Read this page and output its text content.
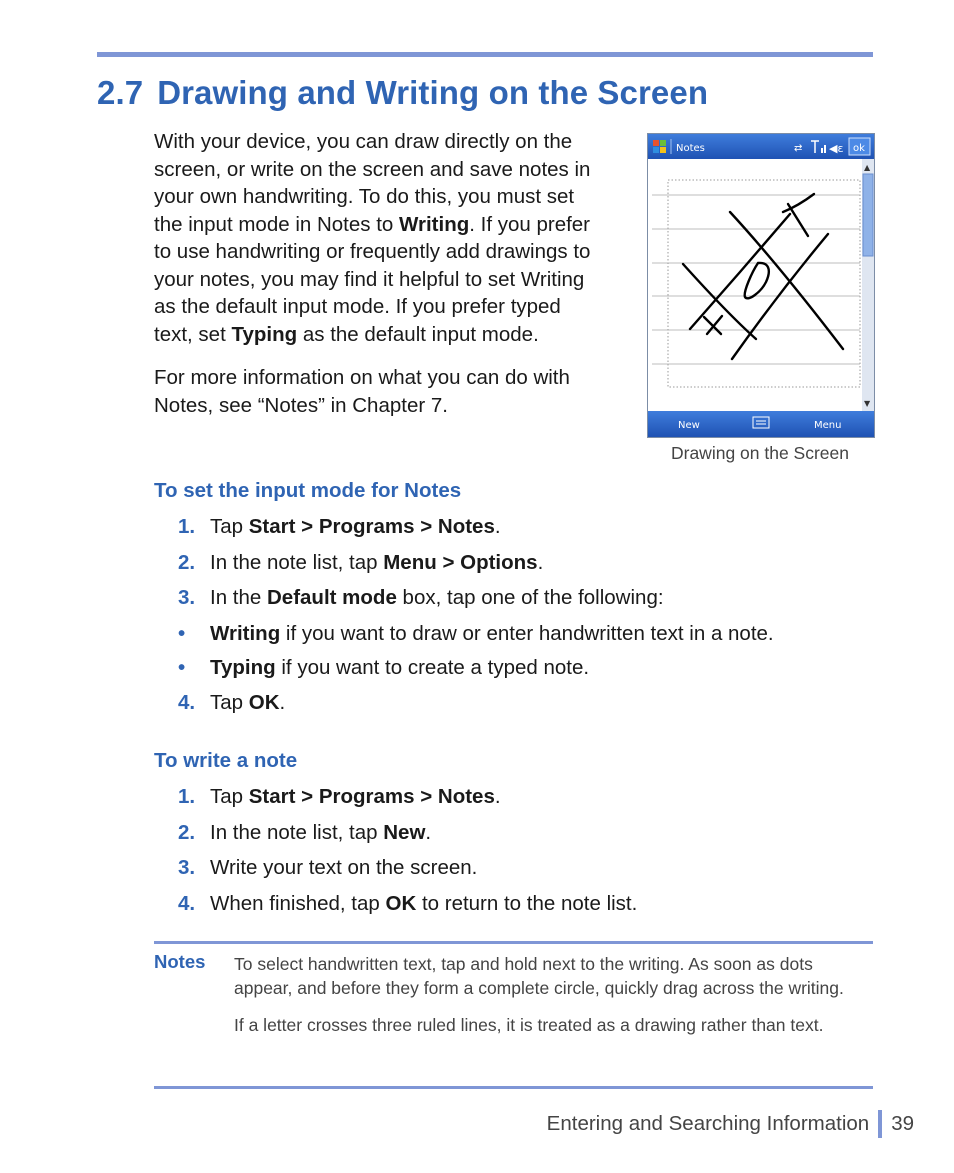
2.7 Drawing and Writing on the Screen

With your device, you can draw directly on the screen, or write on the screen and save notes in your own handwriting. To do this, you must set the input mode in Notes to Writing. If you prefer to use handwriting or frequently add drawings to your notes, you may find it helpful to set Writing as the default input mode. If you prefer typed text, set Typing as the default input mode.

For more information on what you can do with Notes, see “Notes” in Chapter 7.

Notes	⇄ ◀ε ok
▲
▼
New	Menu
Drawing on the Screen
To set the input mode for Notes
1. Tap Start > Programs > Notes.
2. In the note list, tap Menu > Options.
3. In the Default mode box, tap one of the following:
• Writing if you want to draw or enter handwritten text in a note.
• Typing if you want to create a typed note.
4. Tap OK.
To write a note
1. Tap Start > Programs > Notes.
2. In the note list, tap New.
3. Write your text on the screen.
4. When finished, tap OK to return to the note list.
Notes To select handwritten text, tap and hold next to the writing. As soon as dots appear, and before they form a complete circle, quickly drag across the writing.

If a letter crosses three ruled lines, it is treated as a drawing rather than text.

Entering and Searching Information 39
